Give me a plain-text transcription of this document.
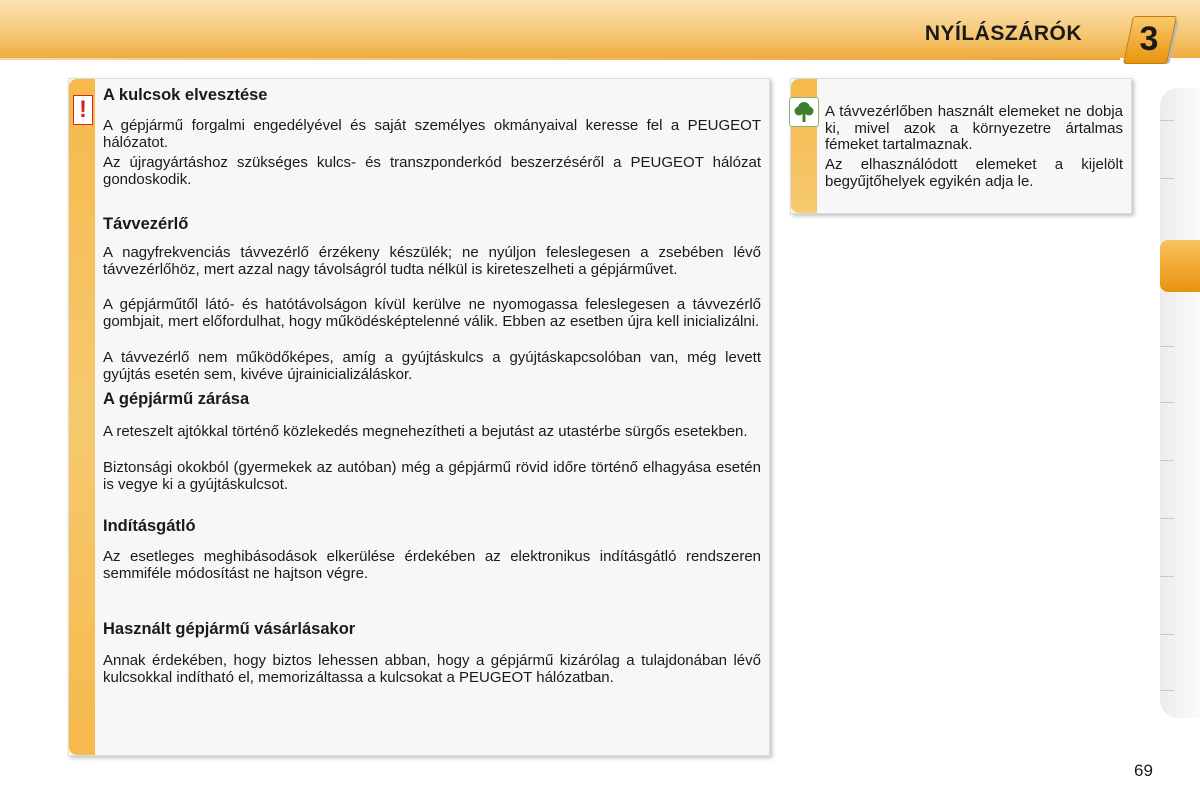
NYÍLÁSZÁRÓK	3
!
A kulcsok elvesztése

A gépjármű forgalmi engedélyével és saját személyes okmányaival keresse fel a PEUGEOT hálózatot.

Az újragyártáshoz szükséges kulcs- és transzponderkód beszerzéséről a PEUGEOT hálózat gondoskodik.

Távvezérlő

A nagyfrekvenciás távvezérlő érzékeny készülék; ne nyúljon feleslegesen a zsebében lévő távvezérlőhöz, mert azzal nagy távolságról tudta nélkül is kireteszelheti a gépjárművet.

A gépjárműtől látó- és hatótávolságon kívül kerülve ne nyomogassa feleslegesen a távvezérlő gombjait, mert előfordulhat, hogy működésképtelenné válik. Ebben az esetben újra kell inicializálni.

A távvezérlő nem működőképes, amíg a gyújtáskulcs a gyújtáskapcsolóban van, még levett gyújtás esetén sem, kivéve újrainicializáláskor.

A gépjármű zárása

A reteszelt ajtókkal történő közlekedés megnehezítheti a bejutást az utastérbe sürgős esetekben.

Biztonsági okokból (gyermekek az autóban) még a gépjármű rövid időre történő elhagyása esetén is vegye ki a gyújtáskulcsot.

Indításgátló

Az esetleges meghibásodások elkerülése érdekében az elektronikus indításgátló rendszeren semmiféle módosítást ne hajtson végre.

Használt gépjármű vásárlásakor

Annak érdekében, hogy biztos lehessen abban, hogy a gépjármű kizárólag a tulajdonában lévő kulcsokkal indítható el, memorizáltassa a kulcsokat a PEUGEOT hálózatban.

A távvezérlőben használt elemeket ne dobja ki, mivel azok a környezetre ártalmas fémeket tartalmaznak.

Az elhasználódott elemeket a kijelölt begyűjtőhelyek egyikén adja le.

69
